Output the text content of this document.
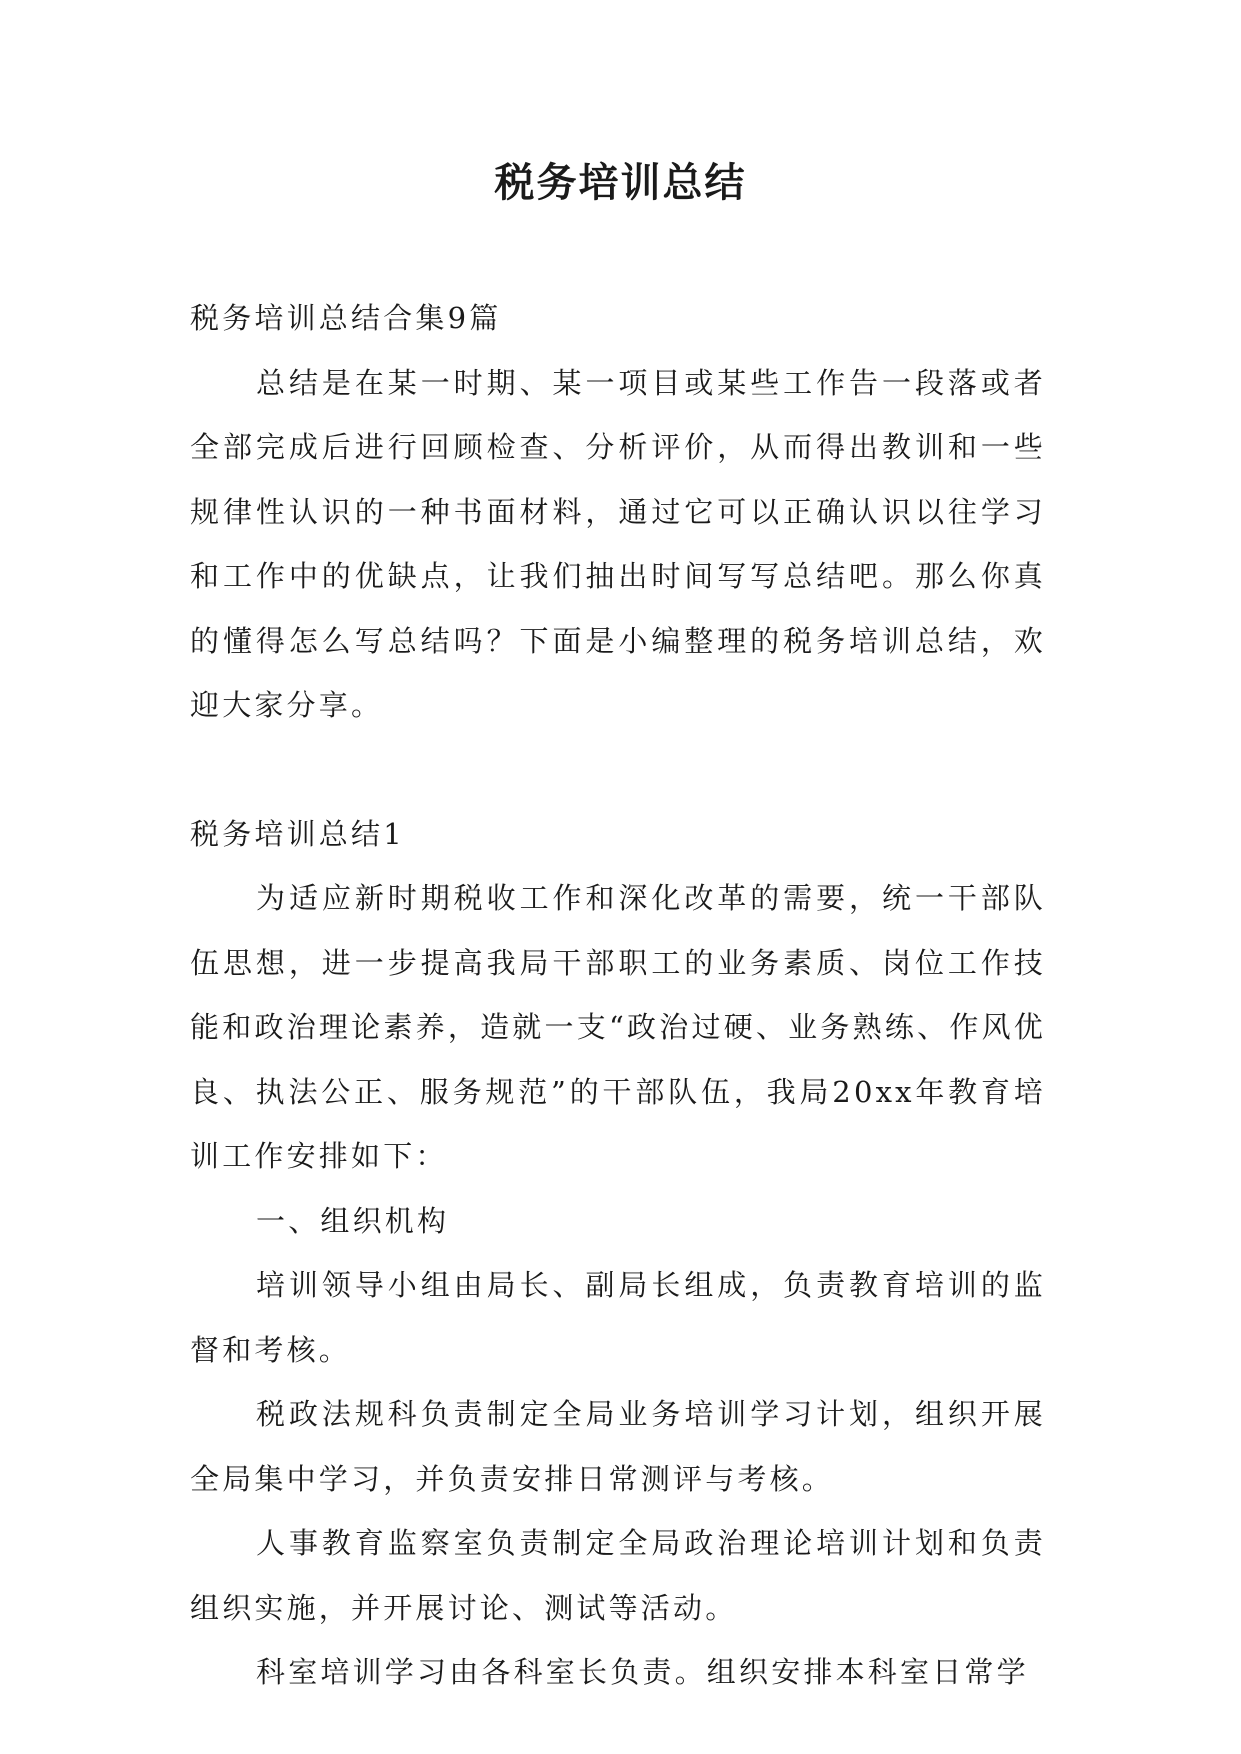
税务培训总结

税务培训总结合集9篇

总结是在某一时期、某一项目或某些工作告一段落或者全部完成后进行回顾检查、分析评价，从而得出教训和一些规律性认识的一种书面材料，通过它可以正确认识以往学习和工作中的优缺点，让我们抽出时间写写总结吧。那么你真的懂得怎么写总结吗？下面是小编整理的税务培训总结，欢迎大家分享。

税务培训总结1

为适应新时期税收工作和深化改革的需要，统一干部队伍思想，进一步提高我局干部职工的业务素质、岗位工作技能和政治理论素养，造就一支“政治过硬、业务熟练、作风优良、执法公正、服务规范”的干部队伍，我局20xx年教育培训工作安排如下：

一、组织机构

培训领导小组由局长、副局长组成，负责教育培训的监督和考核。

税政法规科负责制定全局业务培训学习计划，组织开展全局集中学习，并负责安排日常测评与考核。

人事教育监察室负责制定全局政治理论培训计划和负责组织实施，并开展讨论、测试等活动。

科室培训学习由各科室长负责。组织安排本科室日常学
